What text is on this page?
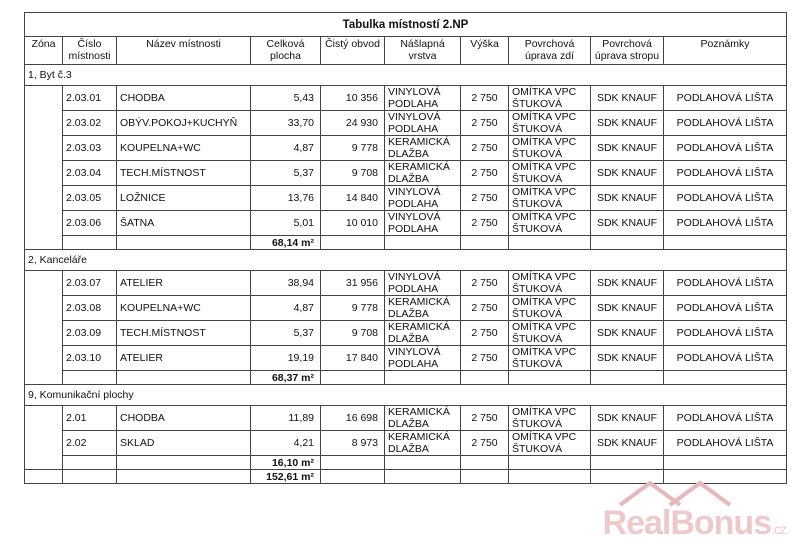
Tabulka místností 2.NP									
Zóna	Číslo místnosti	Název místnosti	Celková plocha	Čistý obvod	Nášlapná vrstva	Výška	Povrchová úprava zdí	Povrchová úprava stropu	Poznámky
1, Byt č.3									
	2.03.01	CHODBA	5,43	10 356	VINYLOVÁ PODLAHA	2 750	OMÍTKA VPC ŠTUKOVÁ	SDK KNAUF	PODLAHOVÁ LIŠTA
	2.03.02	OBÝV.POKOJ+KUCHYŇ	33,70	24 930	VINYLOVÁ PODLAHA	2 750	OMÍTKA VPC ŠTUKOVÁ	SDK KNAUF	PODLAHOVÁ LIŠTA
	2.03.03	KOUPELNA+WC	4,87	9 778	KERAMICKÁ DLAŽBA	2 750	OMÍTKA VPC ŠTUKOVÁ	SDK KNAUF	PODLAHOVÁ LIŠTA
	2.03.04	TECH.MÍSTNOST	5,37	9 708	KERAMICKÁ DLAŽBA	2 750	OMÍTKA VPC ŠTUKOVÁ	SDK KNAUF	PODLAHOVÁ LIŠTA
	2.03.05	LOŽNICE	13,76	14 840	VINYLOVÁ PODLAHA	2 750	OMÍTKA VPC ŠTUKOVÁ	SDK KNAUF	PODLAHOVÁ LIŠTA
	2.03.06	ŠATNA	5,01	10 010	VINYLOVÁ PODLAHA	2 750	OMÍTKA VPC ŠTUKOVÁ	SDK KNAUF	PODLAHOVÁ LIŠTA
			68,14 m²						
2, Kanceláře									
	2.03.07	ATELIER	38,94	31 956	VINYLOVÁ PODLAHA	2 750	OMÍTKA VPC ŠTUKOVÁ	SDK KNAUF	PODLAHOVÁ LIŠTA
	2.03.08	KOUPELNA+WC	4,87	9 778	KERAMICKÁ DLAŽBA	2 750	OMÍTKA VPC ŠTUKOVÁ	SDK KNAUF	PODLAHOVÁ LIŠTA
	2.03.09	TECH.MÍSTNOST	5,37	9 708	KERAMICKÁ DLAŽBA	2 750	OMÍTKA VPC ŠTUKOVÁ	SDK KNAUF	PODLAHOVÁ LIŠTA
	2.03.10	ATELIER	19,19	17 840	VINYLOVÁ PODLAHA	2 750	OMÍTKA VPC ŠTUKOVÁ	SDK KNAUF	PODLAHOVÁ LIŠTA
			68,37 m²						
9, Komunikační plochy									
	2.01	CHODBA	11,89	16 698	KERAMICKÁ DLAŽBA	2 750	OMÍTKA VPC ŠTUKOVÁ	SDK KNAUF	PODLAHOVÁ LIŠTA
	2.02	SKLAD	4,21	8 973	KERAMICKÁ DLAŽBA	2 750	OMÍTKA VPC ŠTUKOVÁ	SDK KNAUF	PODLAHOVÁ LIŠTA
			16,10 m²						
			152,61 m²						
RealBonus.cz
